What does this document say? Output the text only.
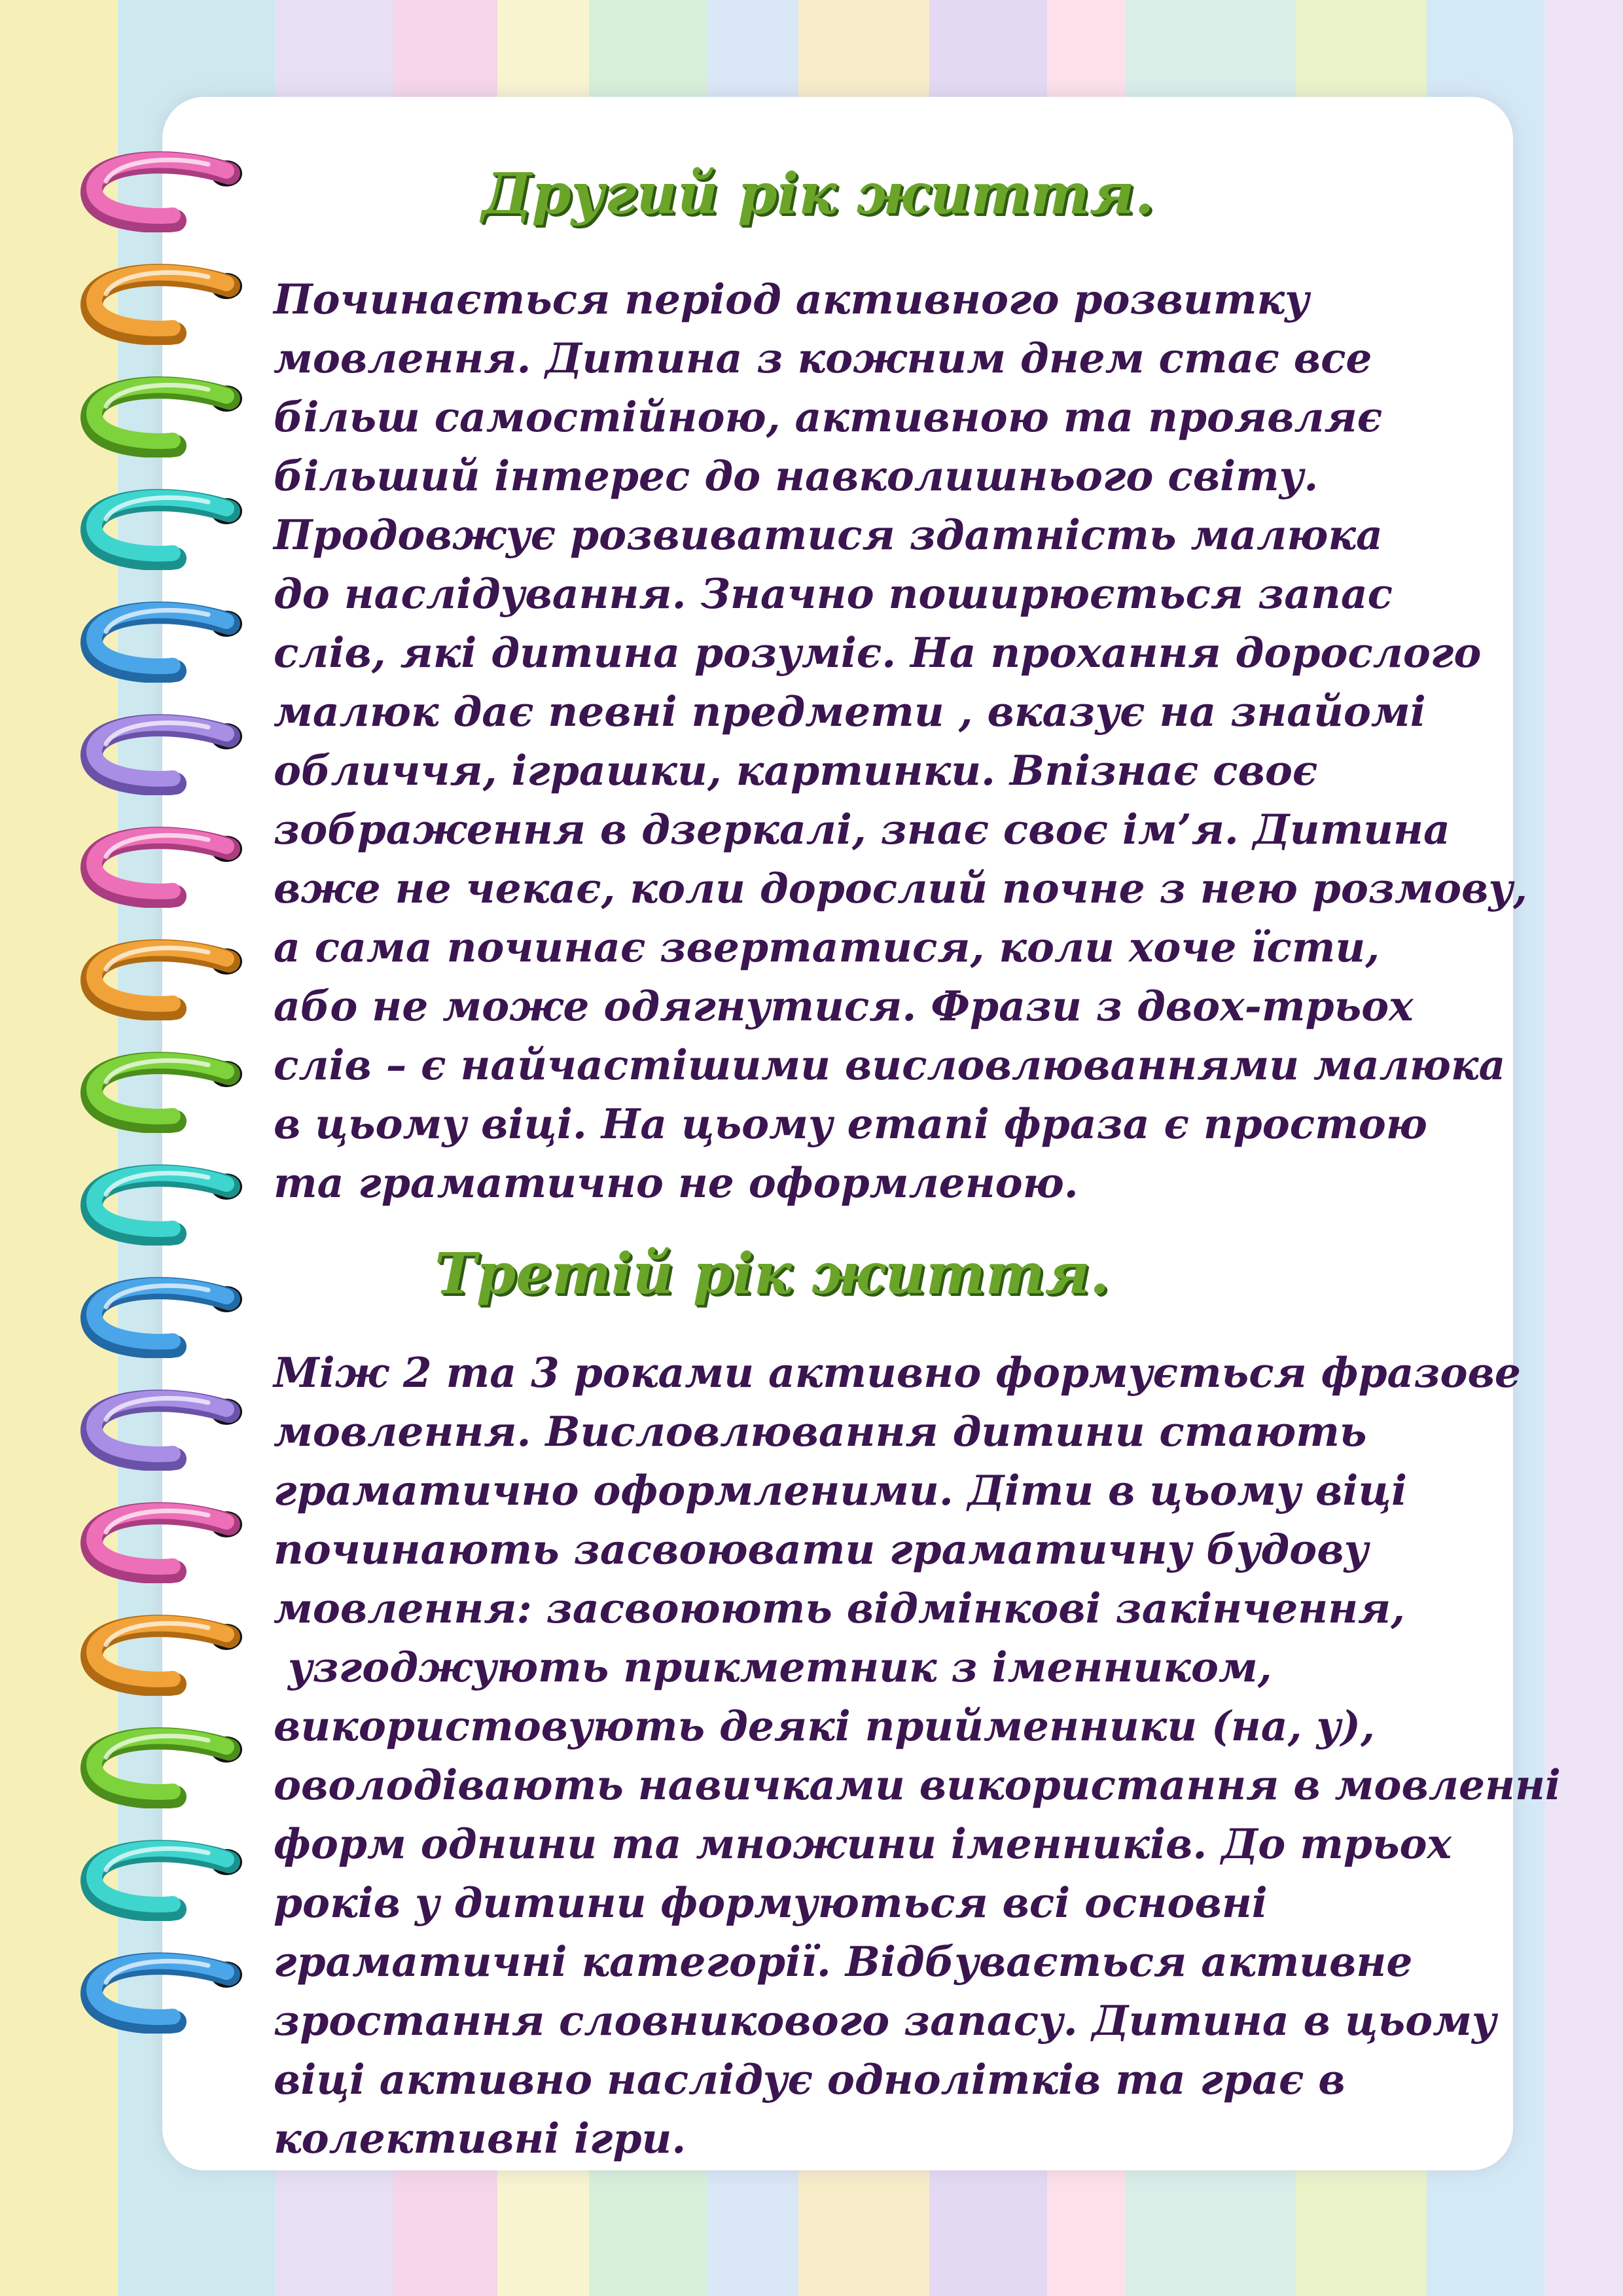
Другий рік життя.

Починається період активного розвитку
мовлення. Дитина з кожним днем стає все
більш самостійною, активною та проявляє
більший інтерес до навколишнього світу.
Продовжує розвиватися здатність малюка
до наслідування. Значно поширюється запас
слів, які дитина розуміє. На прохання дорослого
малюк дає певні предмети , вказує на знайомі
обличчя, іграшки, картинки. Впізнає своє
зображення в дзеркалі, знає своє ім’я. Дитина
вже не чекає, коли дорослий почне з нею розмову,
а сама починає звертатися, коли хоче їсти,
або не може одягнутися. Фрази з двох-трьох
слів – є найчастішими висловлюваннями малюка
в цьому віці. На цьому етапі фраза є простою
та граматично не оформленою.

Третій рік життя.

Між 2 та 3 роками активно формується фразове
мовлення. Висловлювання дитини стають
граматично оформленими. Діти в цьому віці
починають засвоювати граматичну будову
мовлення: засвоюють відмінкові закінчення,
узгоджують прикметник з іменником,
використовують деякі прийменники (на, у),
оволодівають навичками використання в мовленні
форм однини та множини іменників. До трьох
років у дитини формуються всі основні
граматичні категорії. Відбувається активне
зростання словникового запасу. Дитина в цьому
віці активно наслідує однолітків та грає в
колективні ігри.
